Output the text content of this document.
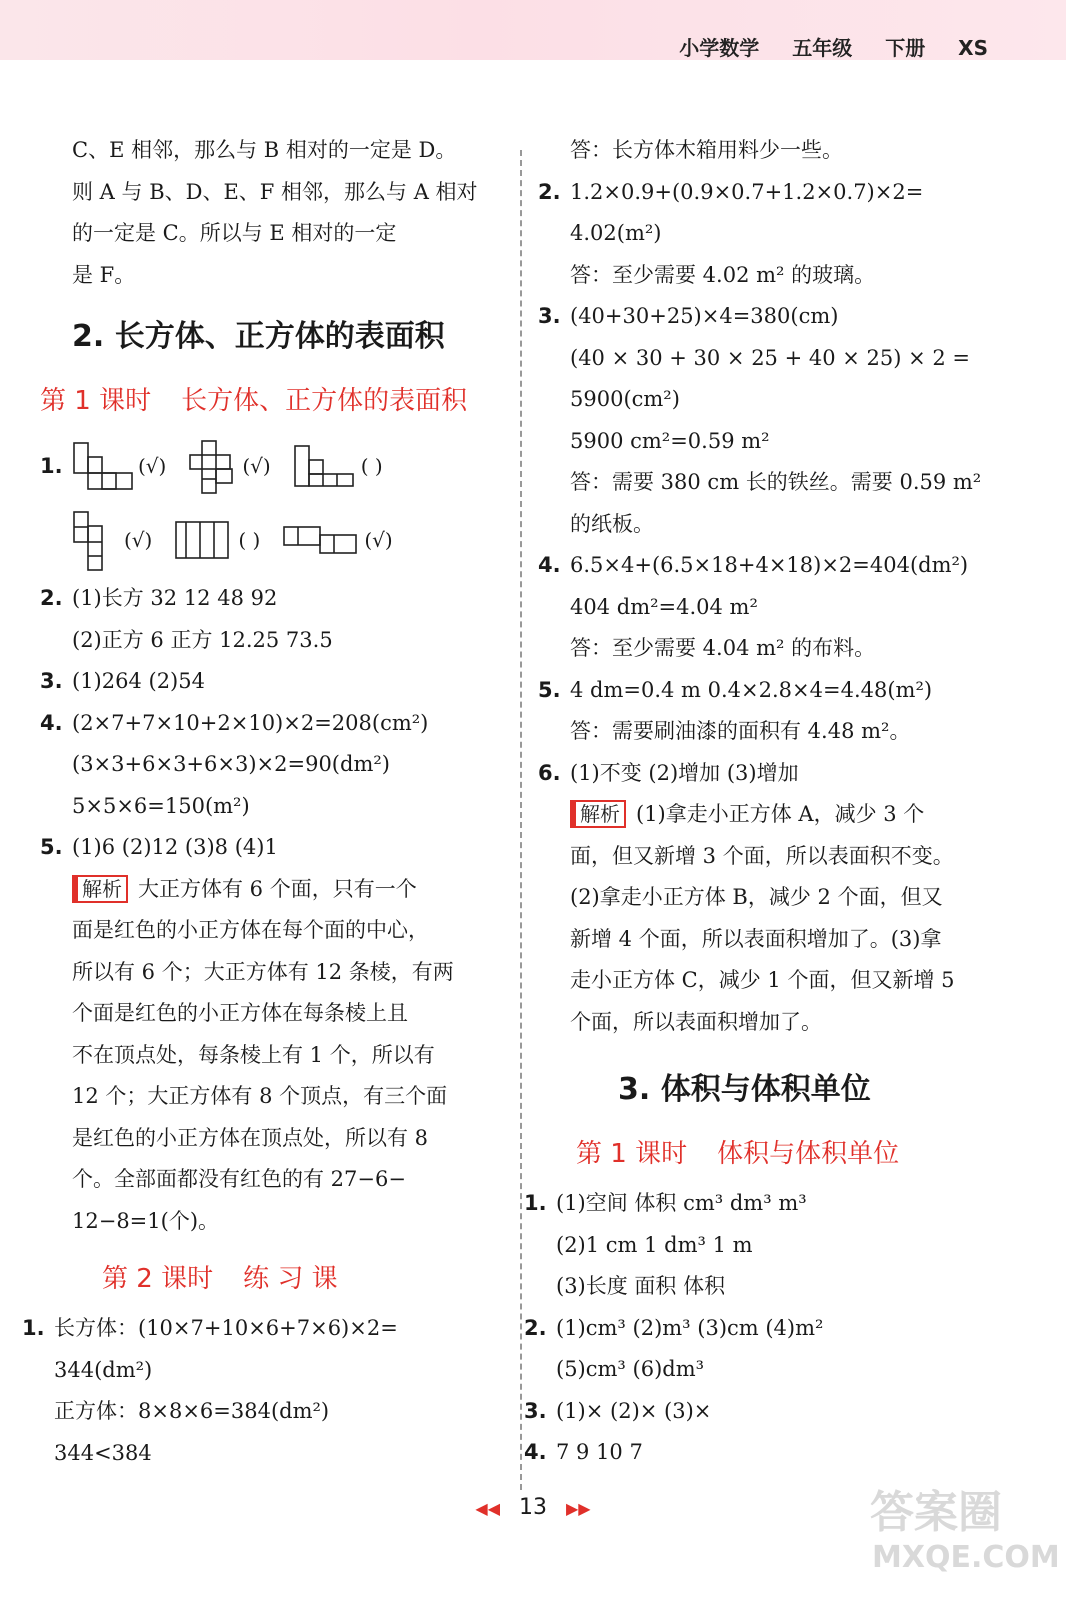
小学数学 五年级 下册 XS
C、E 相邻，那么与 B 相对的一定是 D。
则 A 与 B、D、E、F 相邻，那么与 A 相对
的一定是 C。所以与 E 相对的一定
是 F。
2. 长方体、正方体的表面积
第 1 课时 长方体、正方体的表面积
1.	(√)	(√)	( )
(√)	( )	(√)
2. (1)长方 32 12 48 92
(2)正方 6 正方 12.25 73.5
3. (1)264 (2)54
4. (2×7+7×10+2×10)×2=208(cm²)
(3×3+6×3+6×3)×2=90(dm²)
5×5×6=150(m²)
5. (1)6 (2)12 (3)8 (4)1
解析 大正方体有 6 个面，只有一个
面是红色的小正方体在每个面的中心，
所以有 6 个；大正方体有 12 条棱，有两
个面是红色的小正方体在每条棱上且
不在顶点处，每条棱上有 1 个，所以有
12 个；大正方体有 8 个顶点，有三个面
是红色的小正方体在顶点处，所以有 8
个。全部面都没有红色的有 27−6−
12−8=1(个)。
第 2 课时 练 习 课
1. 长方体：(10×7+10×6+7×6)×2=
344(dm²)
正方体：8×8×6=384(dm²)
344<384
答：长方体木箱用料少一些。
2. 1.2×0.9+(0.9×0.7+1.2×0.7)×2=
4.02(m²)
答：至少需要 4.02 m² 的玻璃。
3. (40+30+25)×4=380(cm)
(40 × 30 + 30 × 25 + 40 × 25) × 2 =
5900(cm²)
5900 cm²=0.59 m²
答：需要 380 cm 长的铁丝。需要 0.59 m²
的纸板。
4. 6.5×4+(6.5×18+4×18)×2=404(dm²)
404 dm²=4.04 m²
答：至少需要 4.04 m² 的布料。
5. 4 dm=0.4 m 0.4×2.8×4=4.48(m²)
答：需要刷油漆的面积有 4.48 m²。
6. (1)不变 (2)增加 (3)增加
解析 (1)拿走小正方体 A，减少 3 个
面，但又新增 3 个面，所以表面积不变。
(2)拿走小正方体 B，减少 2 个面，但又
新增 4 个面，所以表面积增加了。(3)拿
走小正方体 C，减少 1 个面，但又新增 5
个面，所以表面积增加了。
3. 体积与体积单位
第 1 课时 体积与体积单位
1. (1)空间 体积 cm³ dm³ m³
(2)1 cm 1 dm³ 1 m
(3)长度 面积 体积
2. (1)cm³ (2)m³ (3)cm (4)m²
(5)cm³ (6)dm³
3. (1)× (2)× (3)×
4. 7 9 10 7
◀◀ 13 ▶▶	答案圈
MXQE.COM
